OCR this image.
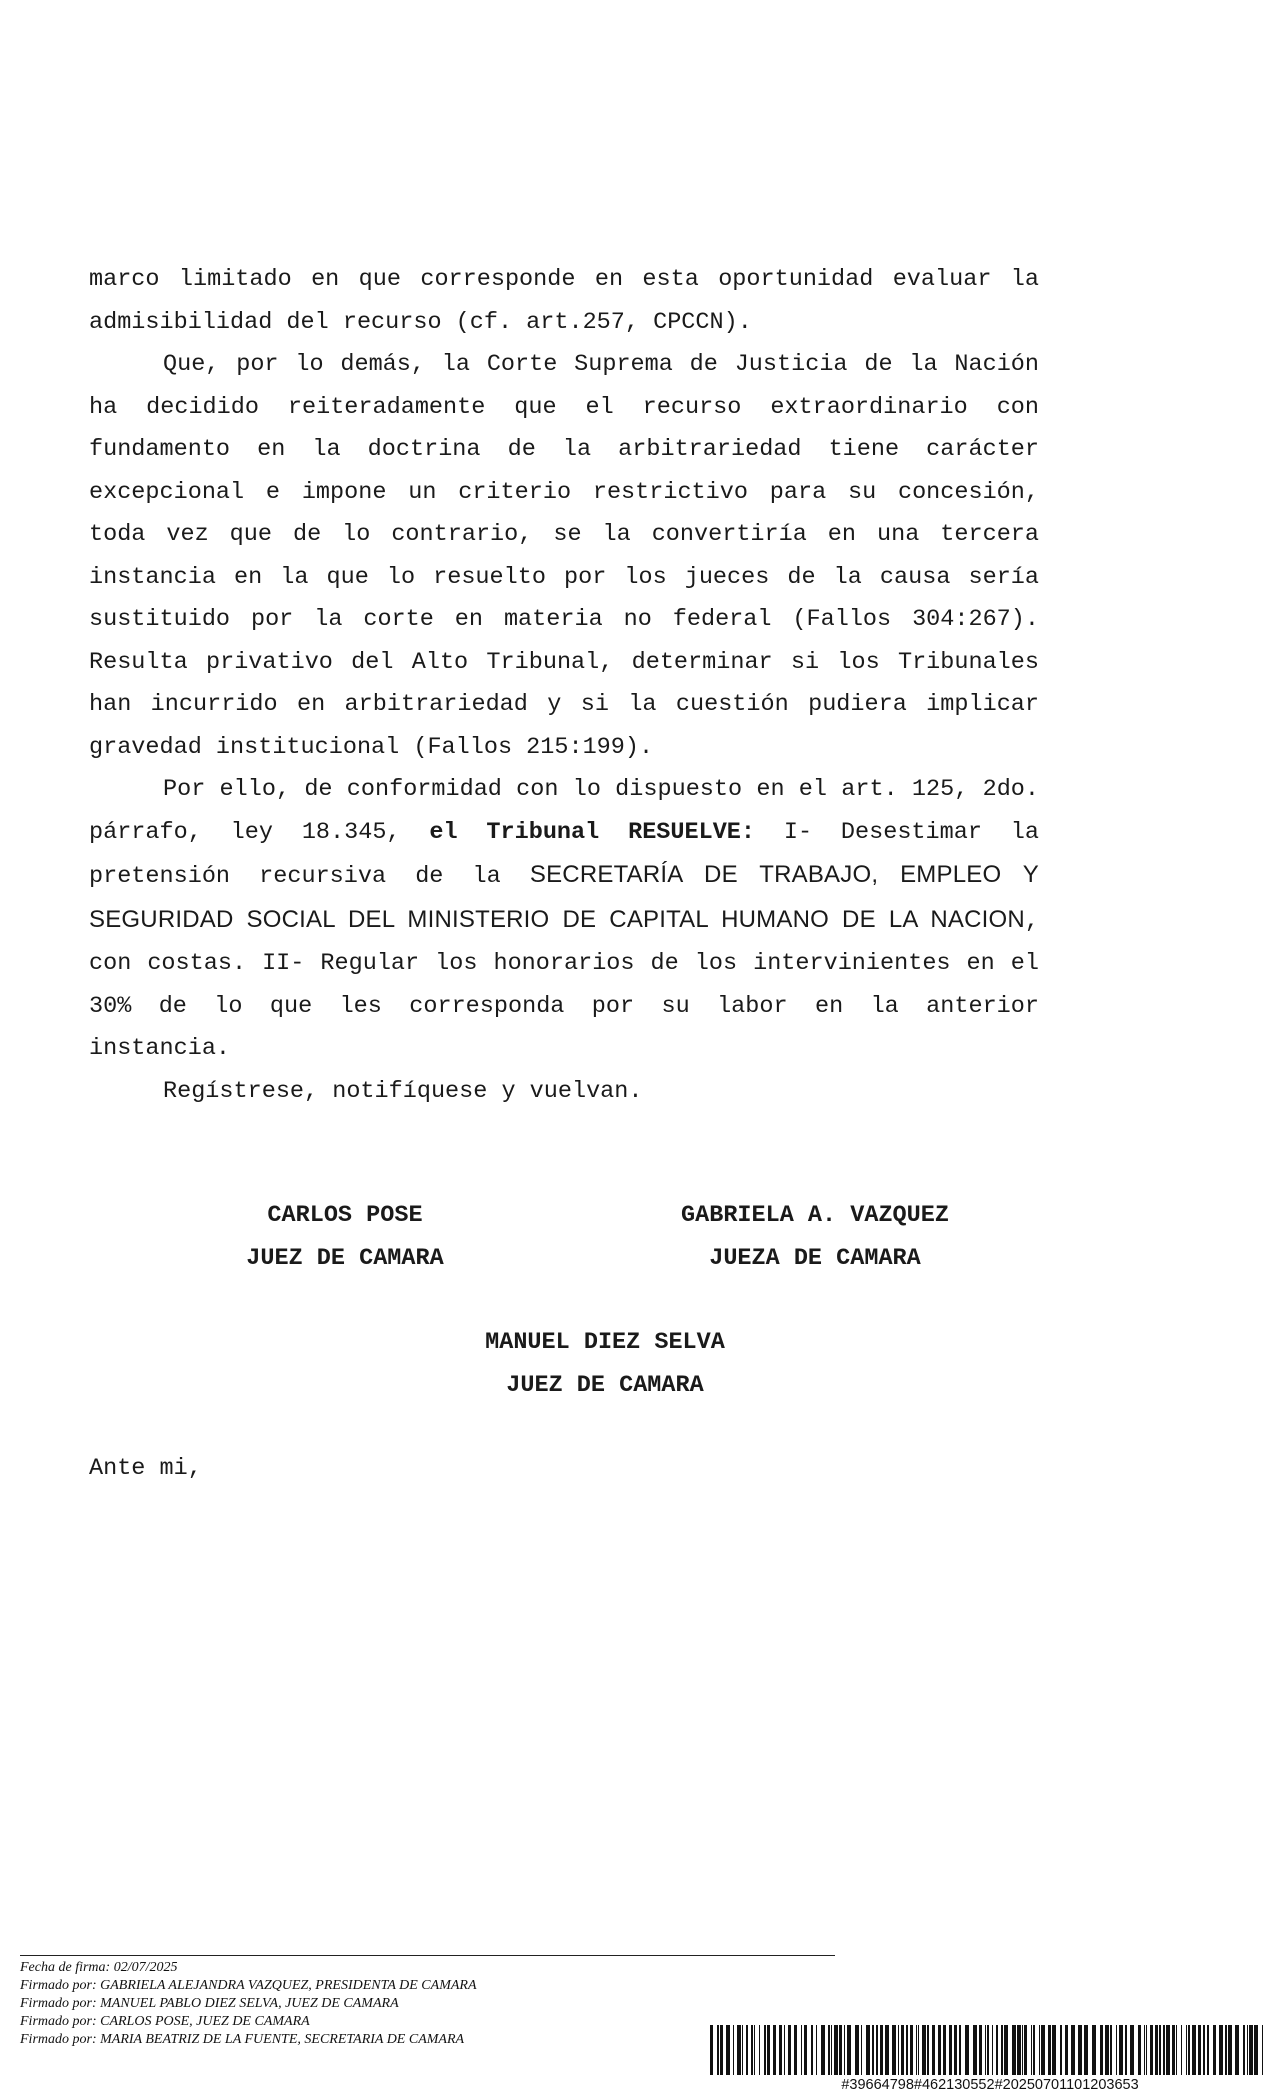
marco limitado en que corresponde en esta oportunidad evaluar la admisibilidad del recurso (cf. art.257, CPCCN).

Que, por lo demás, la Corte Suprema de Justicia de la Nación ha decidido reiteradamente que el recurso extraordinario con fundamento en la doctrina de la arbitrariedad tiene carácter excepcional e impone un criterio restrictivo para su concesión, toda vez que de lo contrario, se la convertiría en una tercera instancia en la que lo resuelto por los jueces de la causa sería sustituido por la corte en materia no federal (Fallos 304:267). Resulta privativo del Alto Tribunal, determinar si los Tribunales han incurrido en arbitrariedad y si la cuestión pudiera implicar gravedad institucional (Fallos 215:199).

Por ello, de conformidad con lo dispuesto en el art. 125, 2do. párrafo, ley 18.345, el Tribunal RESUELVE: I- Desestimar la pretensión recursiva de la SECRETARÍA DE TRABAJO, EMPLEO Y SEGURIDAD SOCIAL DEL MINISTERIO DE CAPITAL HUMANO DE LA NACION, con costas. II- Regular los honorarios de los intervinientes en el 30% de lo que les corresponda por su labor en la anterior instancia.

Regístrese, notifíquese y vuelvan.

CARLOS POSE
JUEZ DE CAMARA
GABRIELA A. VAZQUEZ
JUEZA DE CAMARA
MANUEL DIEZ SELVA
JUEZ DE CAMARA
Ante mi,
Fecha de firma: 02/07/2025
Firmado por: GABRIELA ALEJANDRA VAZQUEZ, PRESIDENTA DE CAMARA
Firmado por: MANUEL PABLO DIEZ SELVA, JUEZ DE CAMARA
Firmado por: CARLOS POSE, JUEZ DE CAMARA
Firmado por: MARIA BEATRIZ DE LA FUENTE, SECRETARIA DE CAMARA
#39664798#462130552#20250701101203653
